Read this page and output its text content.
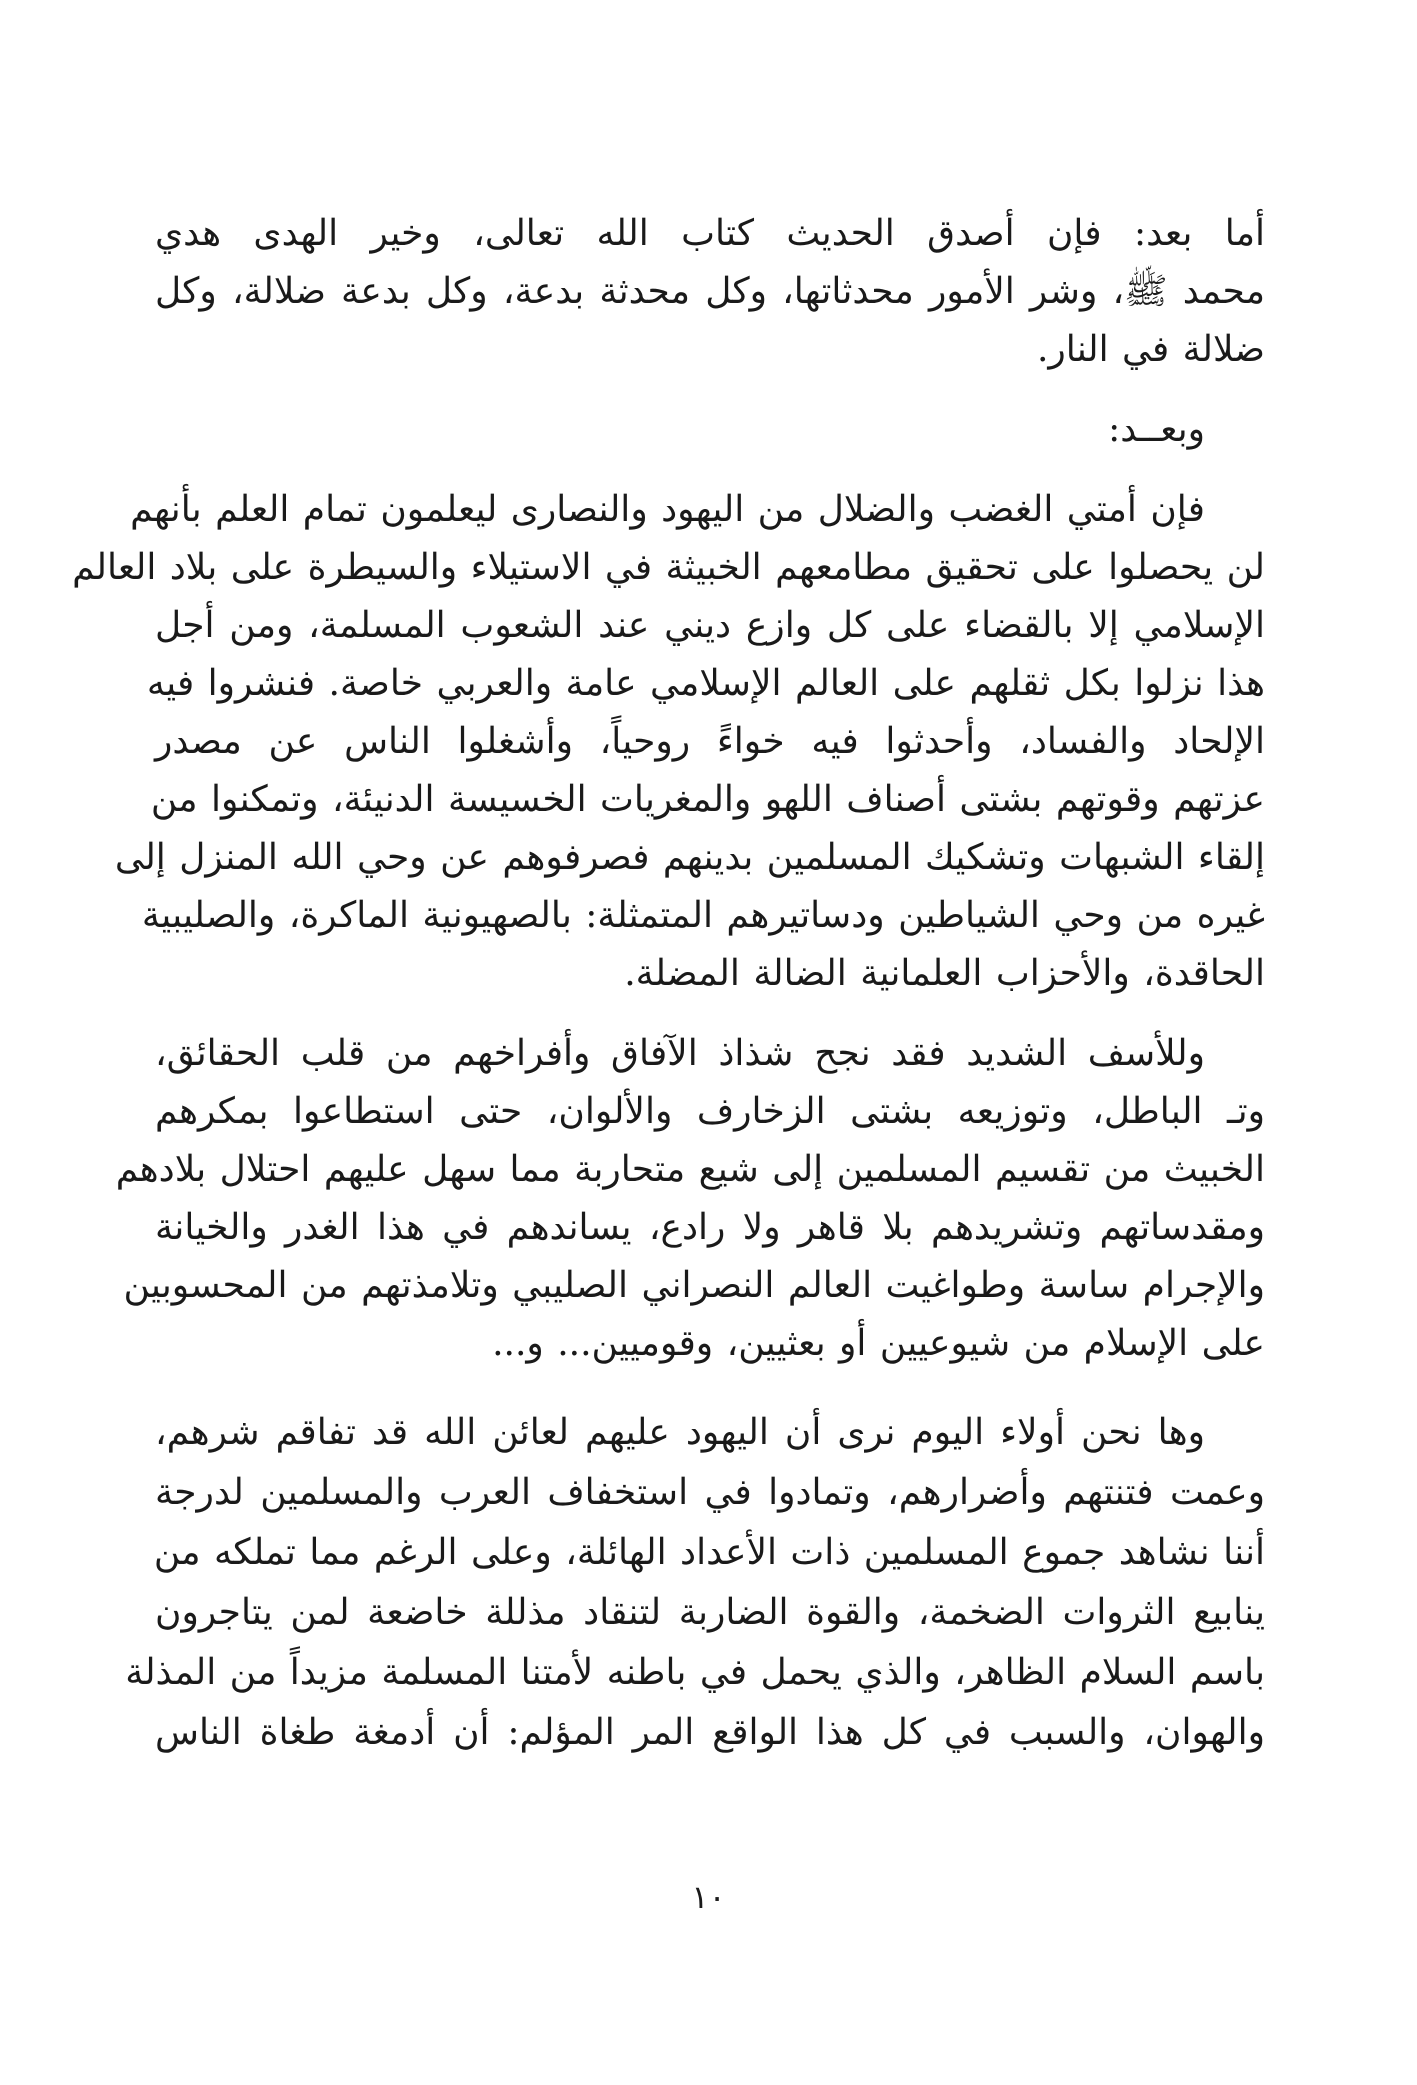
أما بعد: فإن أصدق الحديث كتاب الله تعالى، وخير الهدى هدي
محمد ﷺ، وشر الأمور محدثاتها، وكل محدثة بدعة، وكل بدعة ضلالة، وكل
ضلالة في النار.
وبعــد:
فإن أمتي الغضب والضلال من اليهود والنصارى ليعلمون تمام العلم بأنهم
لن يحصلوا على تحقيق مطامعهم الخبيثة في الاستيلاء والسيطرة على بلاد العالم
الإسلامي إلا بالقضاء على كل وازع ديني عند الشعوب المسلمة، ومن أجل
هذا نزلوا بكل ثقلهم على العالم الإسلامي عامة والعربي خاصة. فنشروا فيه
الإلحاد والفساد، وأحدثوا فيه خواءً روحياً، وأشغلوا الناس عن مصدر
عزتهم وقوتهم بشتى أصناف اللهو والمغريات الخسيسة الدنيئة، وتمكنوا من
إلقاء الشبهات وتشكيك المسلمين بدينهم فصرفوهم عن وحي الله المنزل إلى
غيره من وحي الشياطين ودساتيرهم المتمثلة: بالصهيونية الماكرة، والصليبية
الحاقدة، والأحزاب العلمانية الضالة المضلة.
وللأسف الشديد فقد نجح شذاذ الآفاق وأفراخهم من قلب الحقائق،
وتـ الباطل، وتوزيعه بشتى الزخارف والألوان، حتى استطاعوا بمكرهم
الخبيث من تقسيم المسلمين إلى شيع متحاربة مما سهل عليهم احتلال بلادهم
ومقدساتهم وتشريدهم بلا قاهر ولا رادع، يساندهم في هذا الغدر والخيانة
والإجرام ساسة وطواغيت العالم النصراني الصليبي وتلامذتهم من المحسوبين
على الإسلام من شيوعيين أو بعثيين، وقوميين... و...
وها نحن أولاء اليوم نرى أن اليهود عليهم لعائن الله قد تفاقم شرهم،
وعمت فتنتهم وأضرارهم، وتمادوا في استخفاف العرب والمسلمين لدرجة
أننا نشاهد جموع المسلمين ذات الأعداد الهائلة، وعلى الرغم مما تملكه من
ينابيع الثروات الضخمة، والقوة الضاربة لتنقاد مذللة خاضعة لمن يتاجرون
باسم السلام الظاهر، والذي يحمل في باطنه لأمتنا المسلمة مزيداً من المذلة
والهوان، والسبب في كل هذا الواقع المر المؤلم: أن أدمغة طغاة الناس
١٠
